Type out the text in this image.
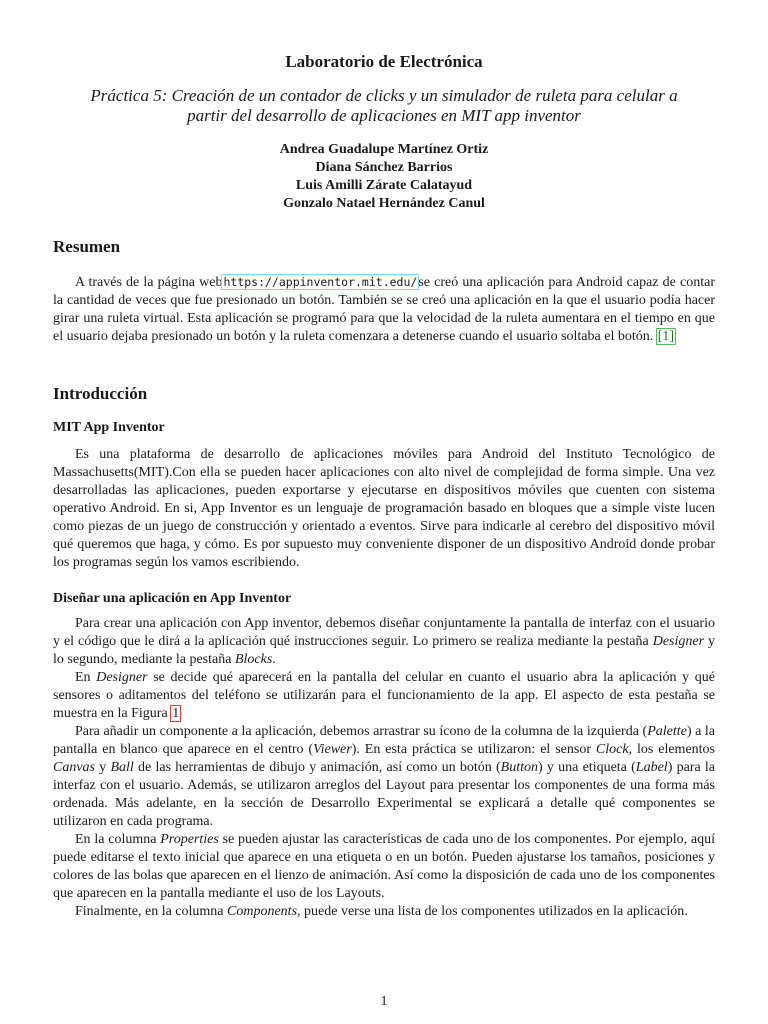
Laboratorio de Electrónica
Práctica 5: Creación de un contador de clicks y un simulador de ruleta para celular a
partir del desarrollo de aplicaciones en MIT app inventor
Andrea Guadalupe Martínez Ortiz
Diana Sánchez Barrios
Luis Amilli Zárate Calatayud
Gonzalo Natael Hernández Canul
Resumen

A través de la página webhttps://appinventor.mit.edu/se creó una aplicación para Android capaz de contar la cantidad de veces que fue presionado un botón. También se se creó una aplicación en la que el usuario podía hacer girar una ruleta virtual. Esta aplicación se programó para que la velocidad de la ruleta aumentara en el tiempo en que el usuario dejaba presionado un botón y la ruleta comenzara a detenerse cuando el usuario soltaba el botón. [1]

Introducción
MIT App Inventor

Es una plataforma de desarrollo de aplicaciones móviles para Android del Instituto Tecnológico de Massachusetts(MIT).Con ella se pueden hacer aplicaciones con alto nivel de complejidad de forma simple. Una vez desarrolladas las aplicaciones, pueden exportarse y ejecutarse en dispositivos móviles que cuenten con sistema operativo Android. En si, App Inventor es un lenguaje de programación basado en bloques que a simple viste lucen como piezas de un juego de construcción y orientado a eventos. Sirve para indicarle al cerebro del dispositivo móvil qué queremos que haga, y cómo. Es por supuesto muy conveniente disponer de un dispositivo Android donde probar los programas según los vamos escribiendo.

Diseñar una aplicación en App Inventor

Para crear una aplicación con App inventor, debemos diseñar conjuntamente la pantalla de interfaz con el usuario y el código que le dirá a la aplicación qué instrucciones seguir. Lo primero se realiza mediante la pestaña Designer y lo segundo, mediante la pestaña Blocks.

En Designer se decide qué aparecerá en la pantalla del celular en cuanto el usuario abra la aplicación y qué sensores o aditamentos del teléfono se utilizarán para el funcionamiento de la app. El aspecto de esta pestaña se muestra en la Figura 1

Para añadir un componente a la aplicación, debemos arrastrar su ícono de la columna de la izquierda (Palette) a la pantalla en blanco que aparece en el centro (Viewer). En esta práctica se utilizaron: el sensor Clock, los elementos Canvas y Ball de las herramientas de dibujo y animación, así como un botón (Button) y una etiqueta (Label) para la interfaz con el usuario. Además, se utilizaron arreglos del Layout para presentar los componentes de una forma más ordenada. Más adelante, en la sección de Desarrollo Experimental se explicará a detalle qué componentes se utilizaron en cada programa.

En la columna Properties se pueden ajustar las características de cada uno de los componentes. Por ejemplo, aquí puede editarse el texto inicial que aparece en una etiqueta o en un botón. Pueden ajustarse los tamaños, posiciones y colores de las bolas que aparecen en el lienzo de animación. Así como la disposición de cada uno de los componentes que aparecen en la pantalla mediante el uso de los Layouts.

Finalmente, en la columna Components, puede verse una lista de los componentes utilizados en la aplicación.

1
